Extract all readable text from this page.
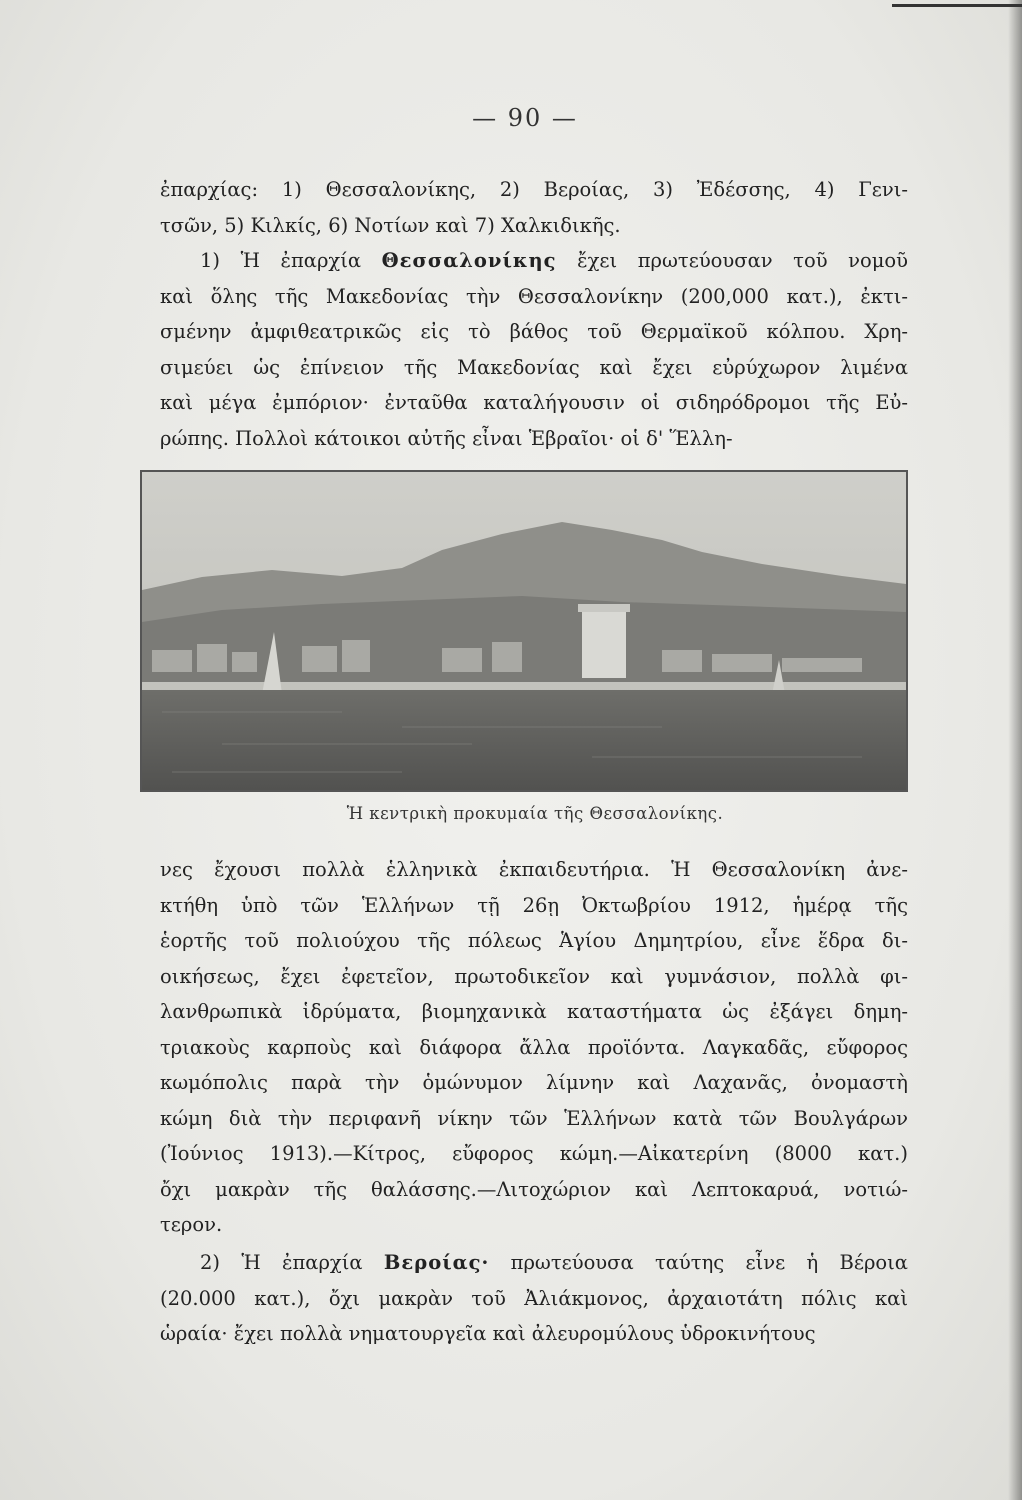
— 90 —
ἐπαρχίας: 1) Θεσσαλονίκης, 2) Βεροίας, 3) Ἐδέσσης, 4) Γενι-
τσῶν, 5) Κιλκίς, 6) Νοτίων καὶ 7) Χαλκιδικῆς.
1) Ἡ ἐπαρχία Θεσσαλονίκης ἔχει πρωτεύουσαν τοῦ νομοῦ
καὶ ὅλης τῆς Μακεδονίας τὴν Θεσσαλονίκην (200,000 κατ.), ἐκτι-
σμένην ἀμφιθεατρικῶς εἰς τὸ βάθος τοῦ Θερμαϊκοῦ κόλπου. Χρη-
σιμεύει ὡς ἐπίνειον τῆς Μακεδονίας καὶ ἔχει εὐρύχωρον λιμένα
καὶ μέγα ἐμπόριον· ἐνταῦθα καταλήγουσιν οἱ σιδηρόδρομοι τῆς Εὐ-
ρώπης. Πολλοὶ κάτοικοι αὐτῆς εἶναι Ἑβραῖοι· οἱ δ' Ἕλλη-
Ἡ κεντρικὴ προκυμαία τῆς Θεσσαλονίκης.
νες ἔχουσι πολλὰ ἑλληνικὰ ἐκπαιδευτήρια. Ἡ Θεσσαλονίκη ἀνε-
κτήθη ὑπὸ τῶν Ἑλλήνων τῇ 26ῃ Ὀκτωβρίου 1912, ἡμέρᾳ τῆς
ἑορτῆς τοῦ πολιούχου τῆς πόλεως Ἁγίου Δημητρίου, εἶνε ἕδρα δι-
οικήσεως, ἔχει ἐφετεῖον, πρωτοδικεῖον καὶ γυμνάσιον, πολλὰ φι-
λανθρωπικὰ ἱδρύματα, βιομηχανικὰ καταστήματα ὡς ἐξάγει δημη-
τριακοὺς καρποὺς καὶ διάφορα ἄλλα προϊόντα. Λαγκαδᾶς, εὔφορος
κωμόπολις παρὰ τὴν ὁμώνυμον λίμνην καὶ Λαχανᾶς, ὀνομαστὴ
κώμη διὰ τὴν περιφανῆ νίκην τῶν Ἑλλήνων κατὰ τῶν Βουλγάρων
(Ἰούνιος 1913).—Κίτρος, εὔφορος κώμη.—Αἰκατερίνη (8000 κατ.)
ὄχι μακρὰν τῆς θαλάσσης.—Λιτοχώριον καὶ Λεπτοκαρυά, νοτιώ-
τερον.
2) Ἡ ἐπαρχία Βεροίας· πρωτεύουσα ταύτης εἶνε ἡ Βέροια
(20.000 κατ.), ὄχι μακρὰν τοῦ Ἀλιάκμονος, ἀρχαιοτάτη πόλις καὶ
ὡραία· ἔχει πολλὰ νηματουργεῖα καὶ ἀλευρομύλους ὑδροκινήτους
